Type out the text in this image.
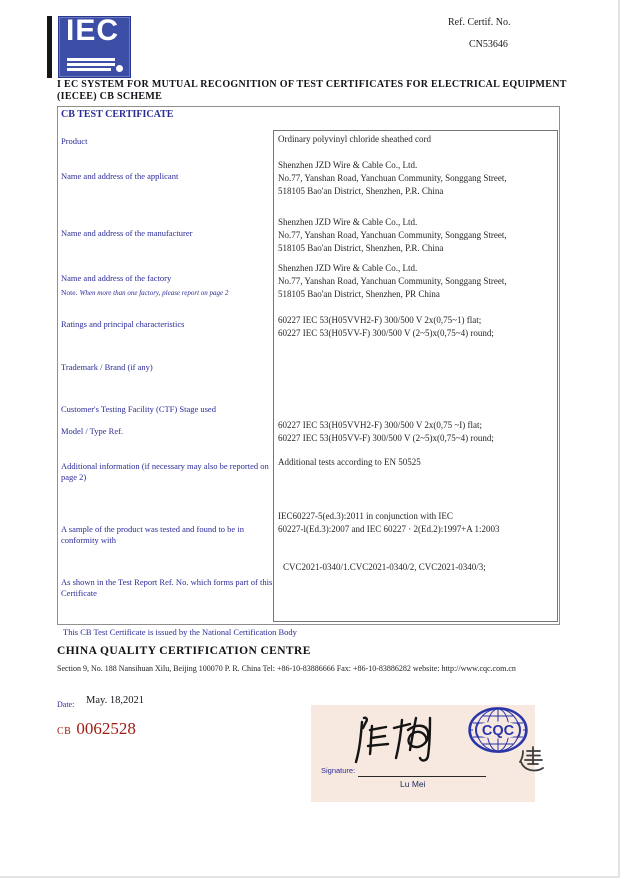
IEC	Ref. Certif. No.
CN53646
I EC SYSTEM FOR MUTUAL RECOGNITION OF TEST CERTIFICATES FOR ELECTRICAL EQUIPMENT
(IECEE) CB SCHEME
CB TEST CERTIFICATE
Product
Name and address of the applicant
Name and address of the manufacturer
Name and address of the factory
Note. When more than one factory, please report on page 2
Ratings and principal characteristics
Trademark / Brand (if any)
Customer's Testing Facility (CTF) Stage used
Model / Type Ref.
Additional information (if necessary may also be reported on page 2)
A sample of the product was tested and found to be in conformity with
As shown in the Test Report Ref. No. which forms part of this Certificate
Ordinary polyvinyl chloride sheathed cord
Shenzhen JZD Wire & Cable Co., Ltd.
No.77, Yanshan Road, Yanchuan Community, Songgang Street,
518105 Bao'an District, Shenzhen, P.R. China
Shenzhen JZD Wire & Cable Co., Ltd.
No.77, Yanshan Road, Yanchuan Community, Songgang Street,
518105 Bao'an District, Shenzhen, P.R. China
Shenzhen JZD Wire & Cable Co., Ltd.
No.77, Yanshan Road, Yanchuan Community, Songgang Street,
518105 Bao'an District, Shenzhen, PR China
60227 IEC 53(H05VVH2-F) 300/500 V 2x(0,75~1) flat;
60227 IEC 53(H05VV-F) 300/500 V (2~5)x(0,75~4) round;
60227 IEC 53(H05VVH2-F) 300/500 V 2x(0,75 ~I) flat;
60227 IEC 53(H05VV-F) 300/500 V (2~5)x(0,75~4) round;
Additional tests according to EN 50525
IEC60227-5(ed.3):2011 in conjunction with IEC
60227-l(Ed.3):2007 and IEC 60227 · 2(Ed.2):1997+A 1:2003
CVC2021-0340/1.CVC2021-0340/2, CVC2021-0340/3;
This CB Test Certificate is issued by the National Certification Body
CHINA QUALITY CERTIFICATION CENTRE
Section 9, No. 188 Nansihuan Xilu, Beijing 100070 P. R. China Tel: +86-10-83886666 Fax: +86-10-83886282 website: http://www.cqc.com.cn
Date: May. 18,2021
CB 0062528	CQC
Signature:
Lu Mei
